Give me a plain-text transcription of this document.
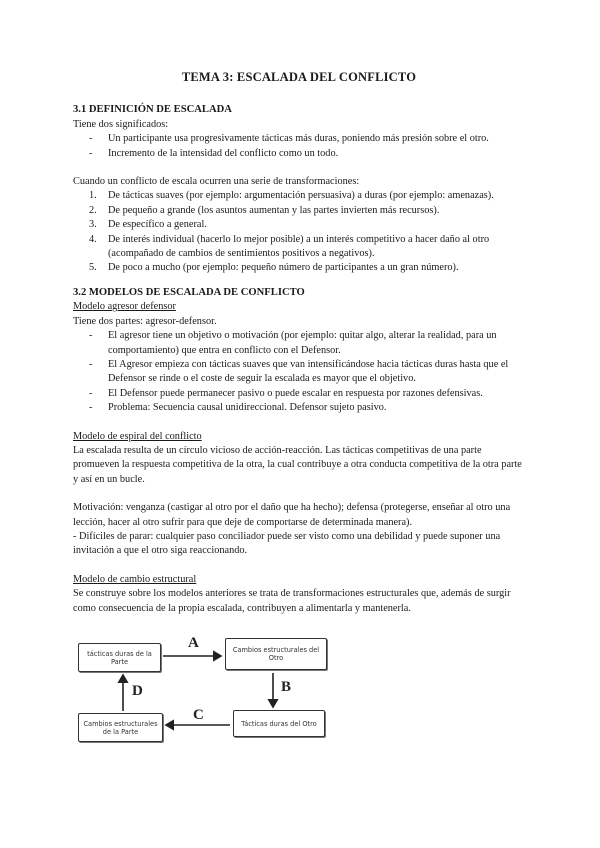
TEMA 3: ESCALADA DEL CONFLICTO
3.1 DEFINICIÓN DE ESCALADA

Tiene dos significados:

- Un participante usa progresivamente tácticas más duras, poniendo más presión sobre el otro.
- Incremento de la intensidad del conflicto como un todo.

Cuando un conflicto de escala ocurren una serie de transformaciones:

De tácticas suaves (por ejemplo: argumentación persuasiva) a duras (por ejemplo: amenazas).
De pequeño a grande (los asuntos aumentan y las partes invierten más recursos).
De específico a general.
De interés individual (hacerlo lo mejor posible) a un interés competitivo a hacer daño al otro (acompañado de cambios de sentimientos positivos a negativos).
De poco a mucho (por ejemplo: pequeño número de participantes a un gran número).
3.2 MODELOS DE ESCALADA DE CONFLICTO

Modelo agresor defensor

Tiene dos partes: agresor-defensor.

- El agresor tiene un objetivo o motivación (por ejemplo: quitar algo, alterar la realidad, para un comportamiento) que entra en conflicto con el Defensor.
- El Agresor empieza con tácticas suaves que van intensificándose hacia tácticas duras hasta que el Defensor se rinde o el coste de seguir la escalada es mayor que el objetivo.
- El Defensor puede permanecer pasivo o puede escalar en respuesta por razones defensivas.
- Problema: Secuencia causal unidireccional. Defensor sujeto pasivo.

Modelo de espiral del conflicto

La escalada resulta de un círculo vicioso de acción-reacción. Las tácticas competitivas de una parte promueven la respuesta competitiva de la otra, la cual contribuye a otra conducta competitiva de la otra parte y así en un bucle.

Motivación: venganza (castigar al otro por el daño que ha hecho); defensa (protegerse, enseñar al otro una lección, hacer al otro sufrir para que deje de comportarse de determinada manera).

- Difíciles de parar: cualquier paso conciliador puede ser visto como una debilidad y puede suponer una invitación a que el otro siga reaccionando.

Modelo de cambio estructural

Se construye sobre los modelos anteriores se trata de transformaciones estructurales que, además de surgir como consecuencia de la propia escalada, contribuyen a alimentarla y mantenerla.

tácticas duras de la Parte
Cambios estructurales del Otro
Tácticas duras del Otro
Cambios estructurales de la Parte
A
B
C
D
